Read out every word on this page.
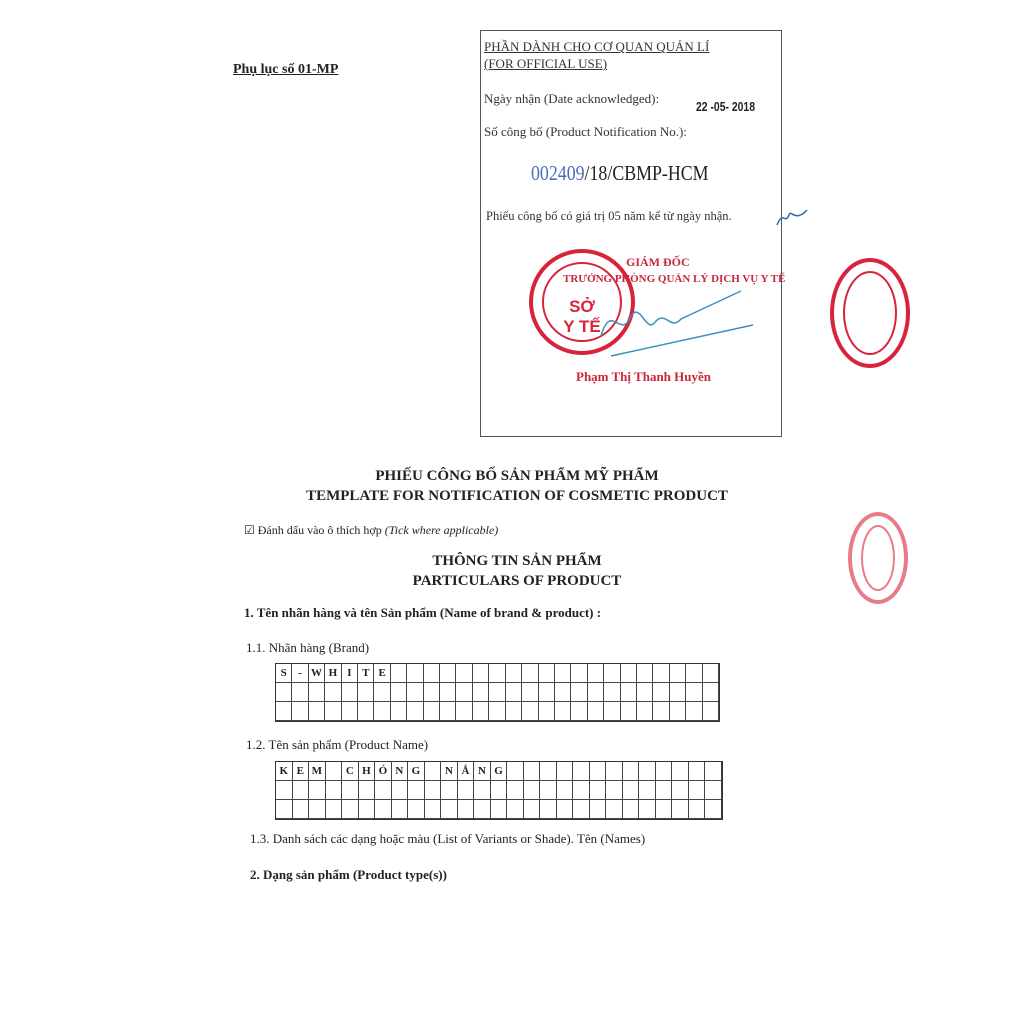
Phụ lục số 01-MP
PHẦN DÀNH CHO CƠ QUAN QUẢN LÍ
(FOR OFFICIAL USE)
Ngày nhận (Date acknowledged):
22 -05- 2018
Số công bố (Product Notification No.):
002409/18/CBMP-HCM
Phiếu công bố có giá trị 05 năm kể từ ngày nhận.
SỞ
Y TẾ
GIÁM ĐỐC
TRƯỞNG PHÒNG QUẢN LÝ DỊCH VỤ Y TẾ
Phạm Thị Thanh Huyền
PHIẾU CÔNG BỐ SẢN PHẨM MỸ PHẨM
TEMPLATE FOR NOTIFICATION OF COSMETIC PRODUCT
☑ Đánh dấu vào ô thích hợp (Tick where applicable)
THÔNG TIN SẢN PHẨM
PARTICULARS OF PRODUCT
1. Tên nhãn hàng và tên Sản phẩm (Name of brand & product) :
1.1. Nhãn hàng (Brand)
S	- W H I T E
1.2. Tên sản phẩm (Product Name)
K E M	C H Ó N G	N Ắ N G
1.3. Danh sách các dạng hoặc màu (List of Variants or Shade). Tên (Names)
2. Dạng sản phẩm (Product type(s))
